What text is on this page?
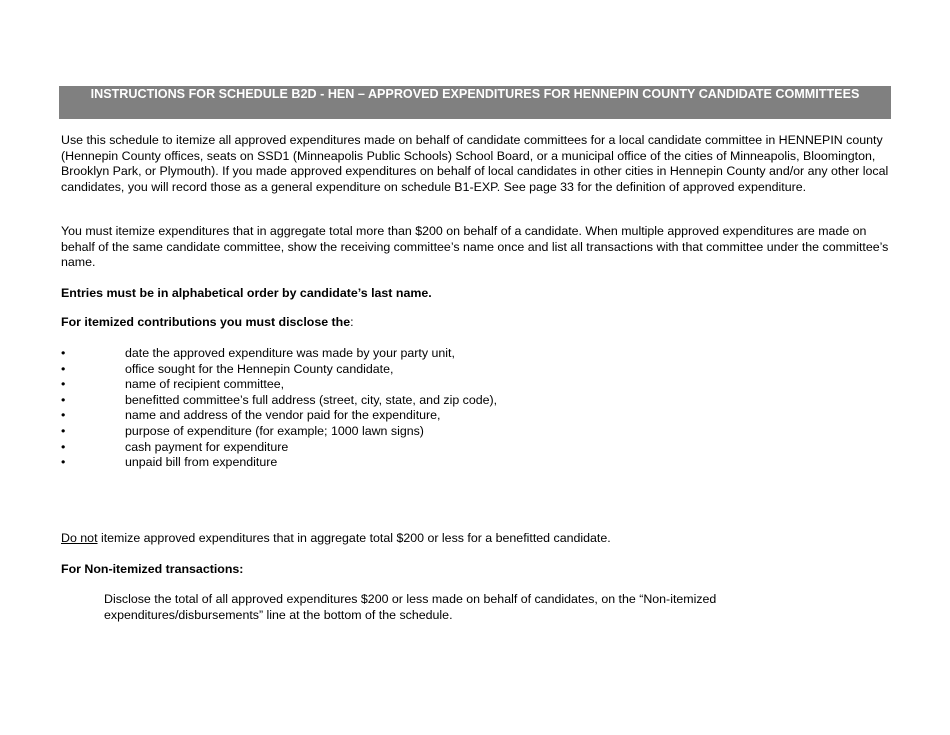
INSTRUCTIONS FOR SCHEDULE B2D - HEN – APPROVED EXPENDITURES FOR HENNEPIN COUNTY CANDIDATE COMMITTEES

Use this schedule to itemize all approved expenditures made on behalf of candidate committees for a local candidate committee in HENNEPIN county (Hennepin County offices, seats on SSD1 (Minneapolis Public Schools) School Board, or a municipal office of the cities of Minneapolis, Bloomington, Brooklyn Park, or Plymouth). If you made approved expenditures on behalf of local candidates in other cities in Hennepin County and/or any other local candidates, you will record those as a general expenditure on schedule B1-EXP. See page 33 for the definition of approved expenditure.

You must itemize expenditures that in aggregate total more than $200 on behalf of a candidate. When multiple approved expenditures are made on behalf of the same candidate committee, show the receiving committee’s name once and list all transactions with that committee under the committee’s name.

Entries must be in alphabetical order by candidate’s last name.

For itemized contributions you must disclose the:

•	date the approved expenditure was made by your party unit,
•	office sought for the Hennepin County candidate,
•	name of recipient committee,
•	benefitted committee’s full address (street, city, state, and zip code),
•	name and address of the vendor paid for the expenditure,
•	purpose of expenditure (for example; 1000 lawn signs)
•	cash payment for expenditure
•	unpaid bill from expenditure

Do not itemize approved expenditures that in aggregate total $200 or less for a benefitted candidate.

For Non-itemized transactions:

Disclose the total of all approved expenditures $200 or less made on behalf of candidates, on the “Non-itemized expenditures/disbursements” line at the bottom of the schedule.
